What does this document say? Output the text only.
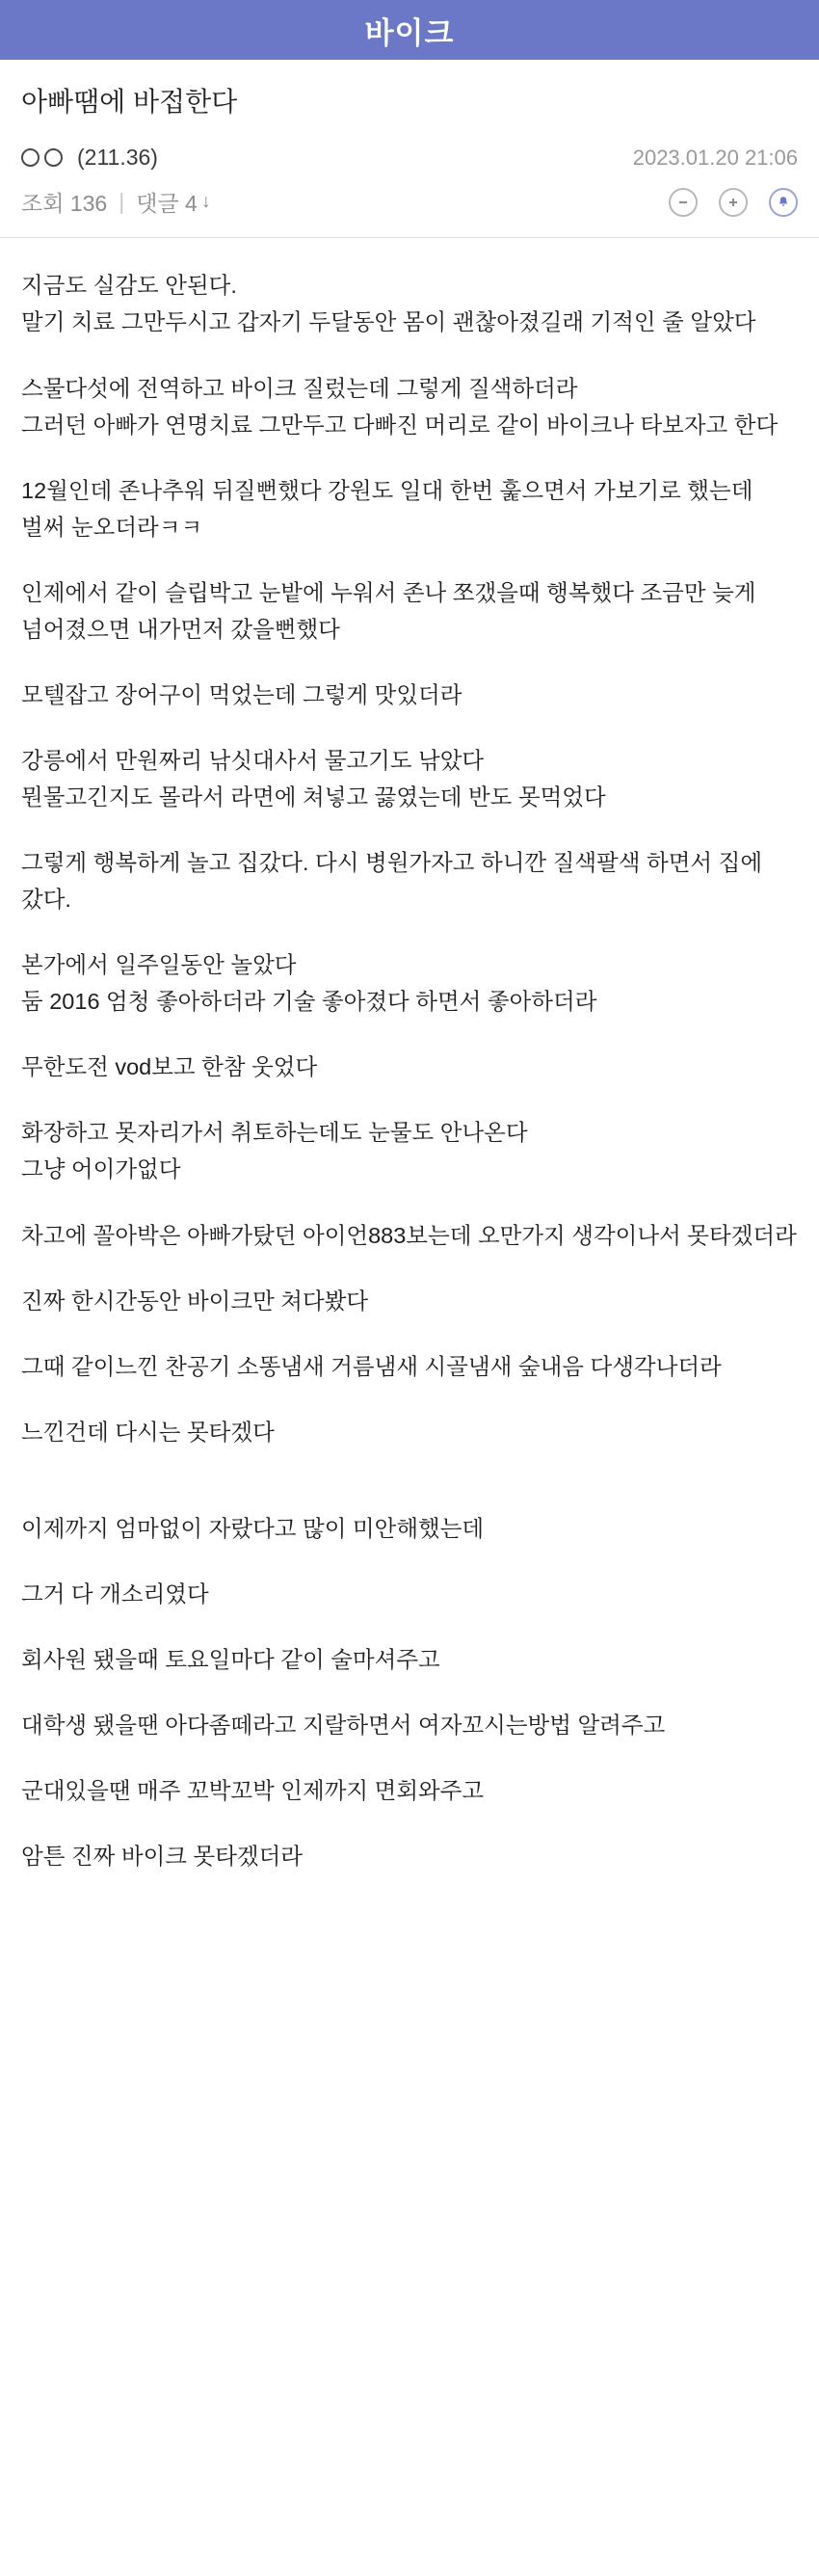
바이크
아빠땜에 바접한다
(211.36)	2023.01.20 21:06
조회 136 | 댓글 4 ↓

지금도 실감도 안된다.
말기 치료 그만두시고 갑자기 두달동안 몸이 괜찮아졌길래 기적인 줄 알았다

스물다섯에 전역하고 바이크 질렀는데 그렇게 질색하더라
그러던 아빠가 연명치료 그만두고 다빠진 머리로 같이 바이크나 타보자고 한다

12월인데 존나추워 뒤질뻔했다 강원도 일대 한번 훑으면서 가보기로 했는데 벌써 눈오더라ㅋㅋ

인제에서 같이 슬립박고 눈밭에 누워서 존나 쪼갰을때 행복했다 조금만 늦게 넘어졌으면 내가먼저 갔을뻔했다

모텔잡고 장어구이 먹었는데 그렇게 맛있더라

강릉에서 만원짜리 낚싯대사서 물고기도 낚았다
뭔물고긴지도 몰라서 라면에 쳐넣고 끓였는데 반도 못먹었다

그렇게 행복하게 놀고 집갔다. 다시 병원가자고 하니깐 질색팔색 하면서 집에 갔다.

본가에서 일주일동안 놀았다
둠 2016 엄청 좋아하더라 기술 좋아졌다 하면서 좋아하더라

무한도전 vod보고 한참 웃었다

화장하고 못자리가서 취토하는데도 눈물도 안나온다
그냥 어이가없다

차고에 꼴아박은 아빠가탔던 아이언883보는데 오만가지 생각이나서 못타겠더라

진짜 한시간동안 바이크만 쳐다봤다

그때 같이느낀 찬공기 소똥냄새 거름냄새 시골냄새 숲내음 다생각나더라

느낀건데 다시는 못타겠다

이제까지 엄마없이 자랐다고 많이 미안해했는데

그거 다 개소리였다

회사원 됐을때 토요일마다 같이 술마셔주고

대학생 됐을땐 아다좀떼라고 지랄하면서 여자꼬시는방법 알려주고

군대있을땐 매주 꼬박꼬박 인제까지 면회와주고

암튼 진짜 바이크 못타겠더라
